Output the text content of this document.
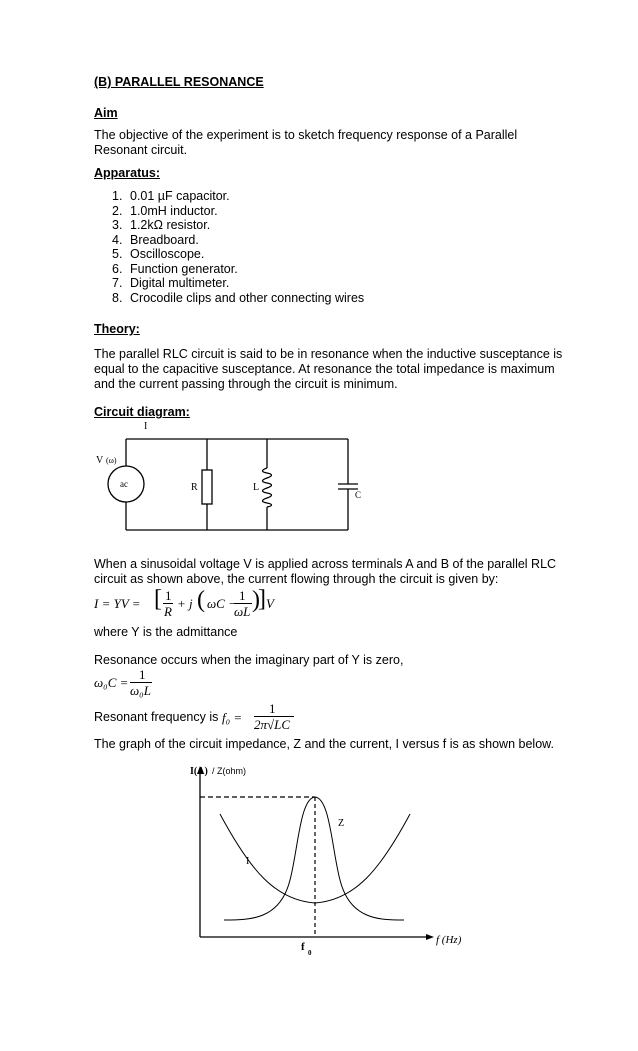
(B) PARALLEL RESONANCE
Aim
The objective of the experiment is to sketch frequency response of a Parallel
Resonant circuit.
Apparatus:
1. 0.01 µF capacitor.
2. 1.0mH inductor.
3. 1.2kΩ resistor.
4. Breadboard.
5. Oscilloscope.
6. Function generator.
7. Digital multimeter.
8. Crocodile clips and other connecting wires
Theory:
The parallel RLC circuit is said to be in resonance when the inductive susceptance is
equal to the capacitive susceptance. At resonance the total impedance is maximum
and the current passing through the circuit is minimum.
Circuit diagram:
I
V (ω)
ac	R	L
C
When a sinusoidal voltage V is applied across terminals A and B of the parallel RLC
circuit as shown above, the current flowing through the circuit is given by:
I = YV = [ 1
R
+ j ( ωC −
1
ωL )
] V
where Y is the admittance
Resonance occurs when the imaginary part of Y is zero,
ω₀C =
1
ω₀L
Resonant frequency is f₀ =
1
2π√LC
The graph of the circuit impedance, Z and the current, I versus f is as shown below.
I(A) / Z(ohm)
f (Hz)
Z
I
f 0
